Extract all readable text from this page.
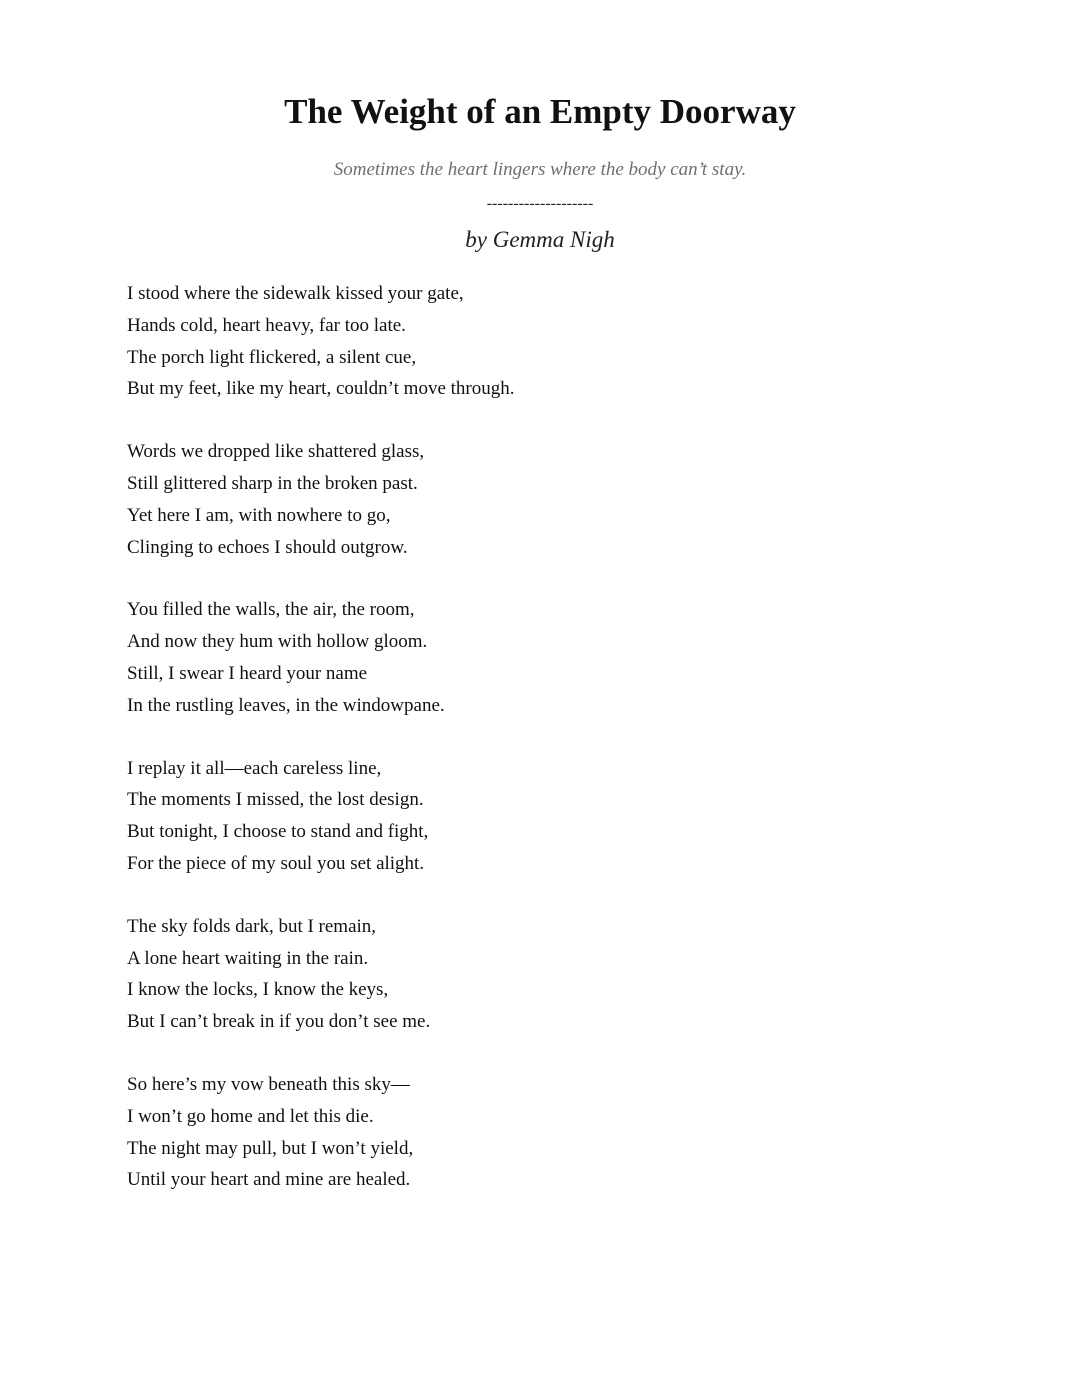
The Weight of an Empty Doorway

Sometimes the heart lingers where the body can’t stay.

--------------------

by Gemma Nigh

I stood where the sidewalk kissed your gate,
Hands cold, heart heavy, far too late.
The porch light flickered, a silent cue,
But my feet, like my heart, couldn’t move through.
Words we dropped like shattered glass,
Still glittered sharp in the broken past.
Yet here I am, with nowhere to go,
Clinging to echoes I should outgrow.
You filled the walls, the air, the room,
And now they hum with hollow gloom.
Still, I swear I heard your name
In the rustling leaves, in the windowpane.
I replay it all—each careless line,
The moments I missed, the lost design.
But tonight, I choose to stand and fight,
For the piece of my soul you set alight.
The sky folds dark, but I remain,
A lone heart waiting in the rain.
I know the locks, I know the keys,
But I can’t break in if you don’t see me.
So here’s my vow beneath this sky—
I won’t go home and let this die.
The night may pull, but I won’t yield,
Until your heart and mine are healed.
